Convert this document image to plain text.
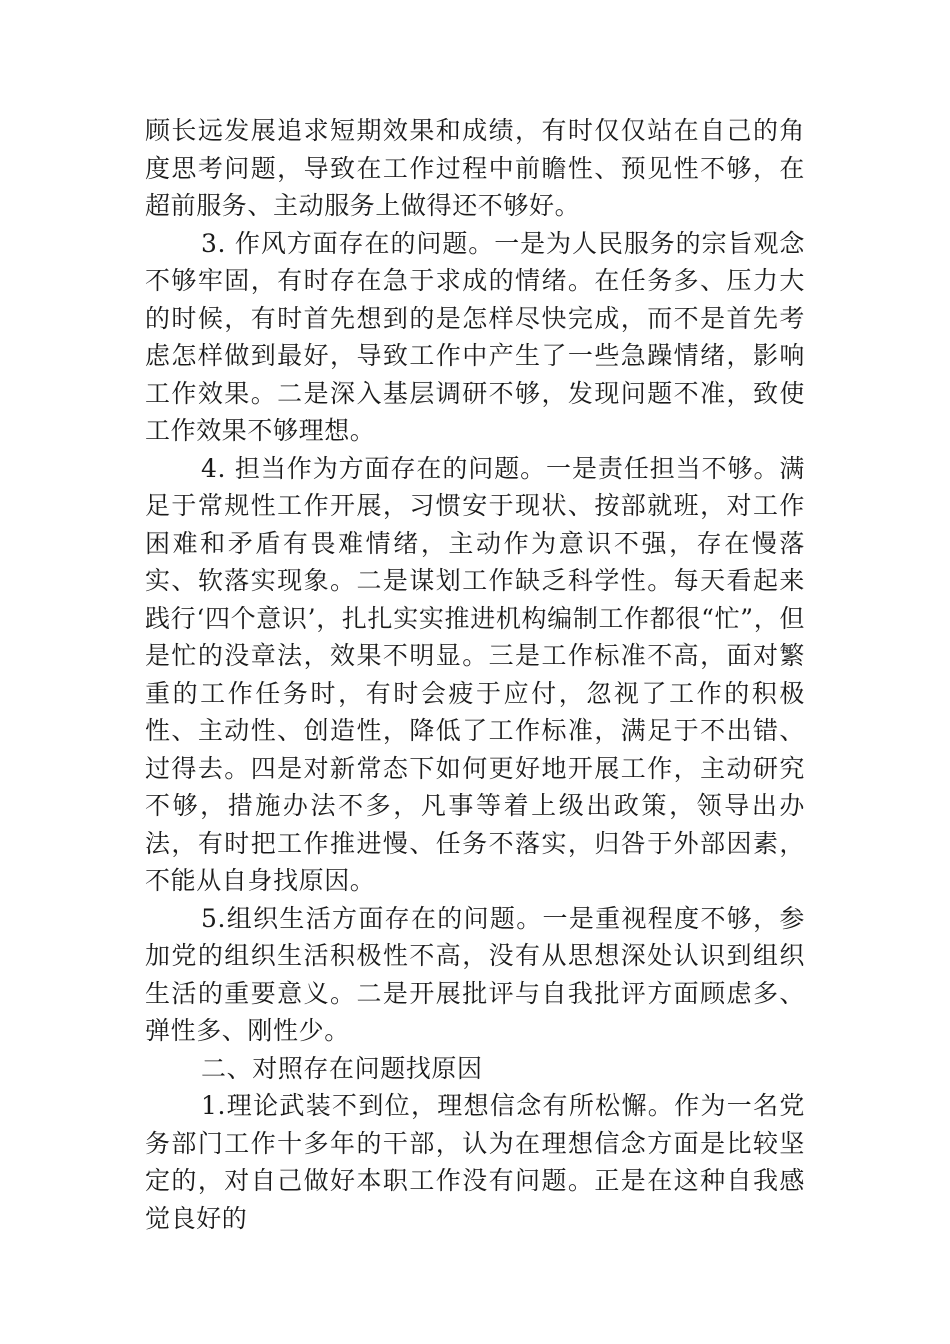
顾长远发展追求短期效果和成绩，有时仅仅站在自己的角度思考问题，导致在工作过程中前瞻性、预见性不够，在超前服务、主动服务上做得还不够好。

3. 作风方面存在的问题。一是为人民服务的宗旨观念不够牢固，有时存在急于求成的情绪。在任务多、压力大的时候，有时首先想到的是怎样尽快完成，而不是首先考虑怎样做到最好，导致工作中产生了一些急躁情绪，影响工作效果。二是深入基层调研不够，发现问题不准，致使工作效果不够理想。

4. 担当作为方面存在的问题。一是责任担当不够。满足于常规性工作开展，习惯安于现状、按部就班，对工作困难和矛盾有畏难情绪，主动作为意识不强，存在慢落实、软落实现象。二是谋划工作缺乏科学性。每天看起来践行‘四个意识’，扎扎实实推进机构编制工作都很“忙”，但是忙的没章法，效果不明显。三是工作标准不高，面对繁重的工作任务时，有时会疲于应付，忽视了工作的积极性、主动性、创造性，降低了工作标准，满足于不出错、过得去。四是对新常态下如何更好地开展工作，主动研究不够，措施办法不多，凡事等着上级出政策，领导出办法，有时把工作推进慢、任务不落实，归咎于外部因素，不能从自身找原因。

5.组织生活方面存在的问题。一是重视程度不够，参加党的组织生活积极性不高，没有从思想深处认识到组织生活的重要意义。二是开展批评与自我批评方面顾虑多、弹性多、刚性少。

二、对照存在问题找原因

1.理论武装不到位，理想信念有所松懈。作为一名党务部门工作十多年的干部，认为在理想信念方面是比较坚定的，对自己做好本职工作没有问题。正是在这种自我感觉良好的
